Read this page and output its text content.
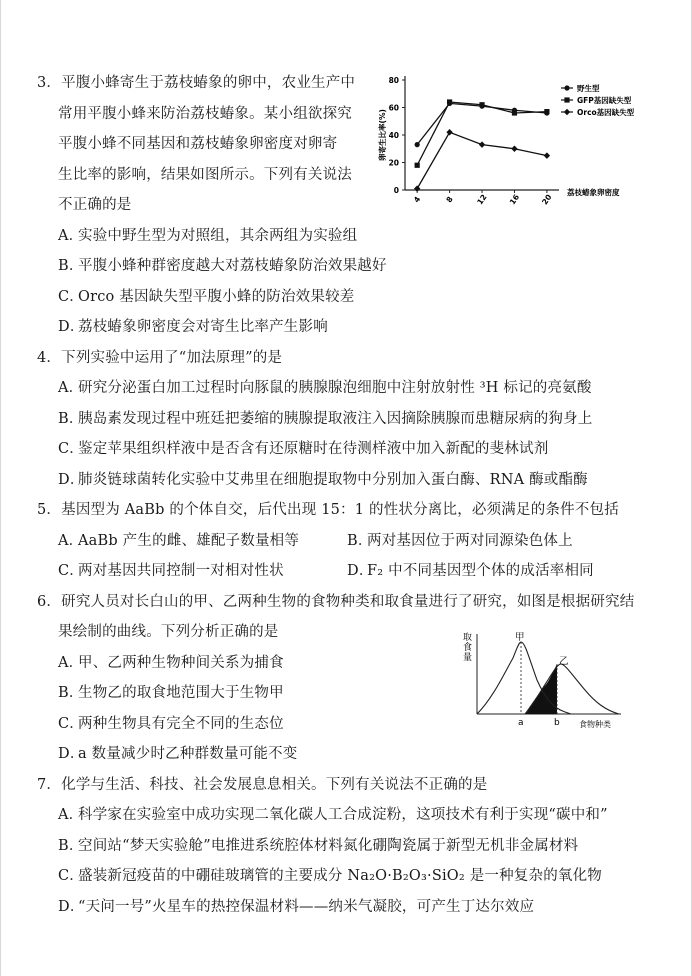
3．平腹小蜂寄生于荔枝蝽象的卵中，农业生产中
常用平腹小蜂来防治荔枝蝽象。某小组欲探究
平腹小蜂不同基因和荔枝蝽象卵密度对卵寄
生比率的影响，结果如图所示。下列有关说法
不正确的是
A．实验中野生型为对照组，其余两组为实验组
B．平腹小蜂种群密度越大对荔枝蝽象防治效果越好
C．Orco 基因缺失型平腹小蜂的防治效果较差
D．荔枝蝽象卵密度会对寄生比率产生影响
0
20
40
60
80
4	8	12	16	20
卵寄生比率(%)
荔枝蝽象卵密度
野生型
GFP基因缺失型
Orco基因缺失型
4．下列实验中运用了“加法原理”的是
A．研究分泌蛋白加工过程时向豚鼠的胰腺腺泡细胞中注射放射性 ³H 标记的亮氨酸
B．胰岛素发现过程中班廷把萎缩的胰腺提取液注入因摘除胰腺而患糖尿病的狗身上
C．鉴定苹果组织样液中是否含有还原糖时在待测样液中加入新配的斐林试剂
D．肺炎链球菌转化实验中艾弗里在细胞提取物中分别加入蛋白酶、RNA 酶或酯酶
5．基因型为 AaBb 的个体自交，后代出现 15：1 的性状分离比，必须满足的条件不包括
A．AaBb 产生的雌、雄配子数量相等	B．两对基因位于两对同源染色体上
C．两对基因共同控制一对相对性状	D．F₂ 中不同基因型个体的成活率相同
6．研究人员对长白山的甲、乙两种生物的食物种类和取食量进行了研究，如图是根据研究结
果绘制的曲线。下列分析正确的是
A．甲、乙两种生物种间关系为捕食
B．生物乙的取食地范围大于生物甲
C．两种生物具有完全不同的生态位
D．a 数量减少时乙种群数量可能不变
取 食 量
甲
乙
a	b 食物种类
7．化学与生活、科技、社会发展息息相关。下列有关说法不正确的是
A．科学家在实验室中成功实现二氧化碳人工合成淀粉，这项技术有利于实现“碳中和”
B．空间站“梦天实验舱”电推进系统腔体材料氮化硼陶瓷属于新型无机非金属材料
C．盛装新冠疫苗的中硼硅玻璃管的主要成分 Na₂O·B₂O₃·SiO₂ 是一种复杂的氧化物
D．“天问一号”火星车的热控保温材料——纳米气凝胶，可产生丁达尔效应
